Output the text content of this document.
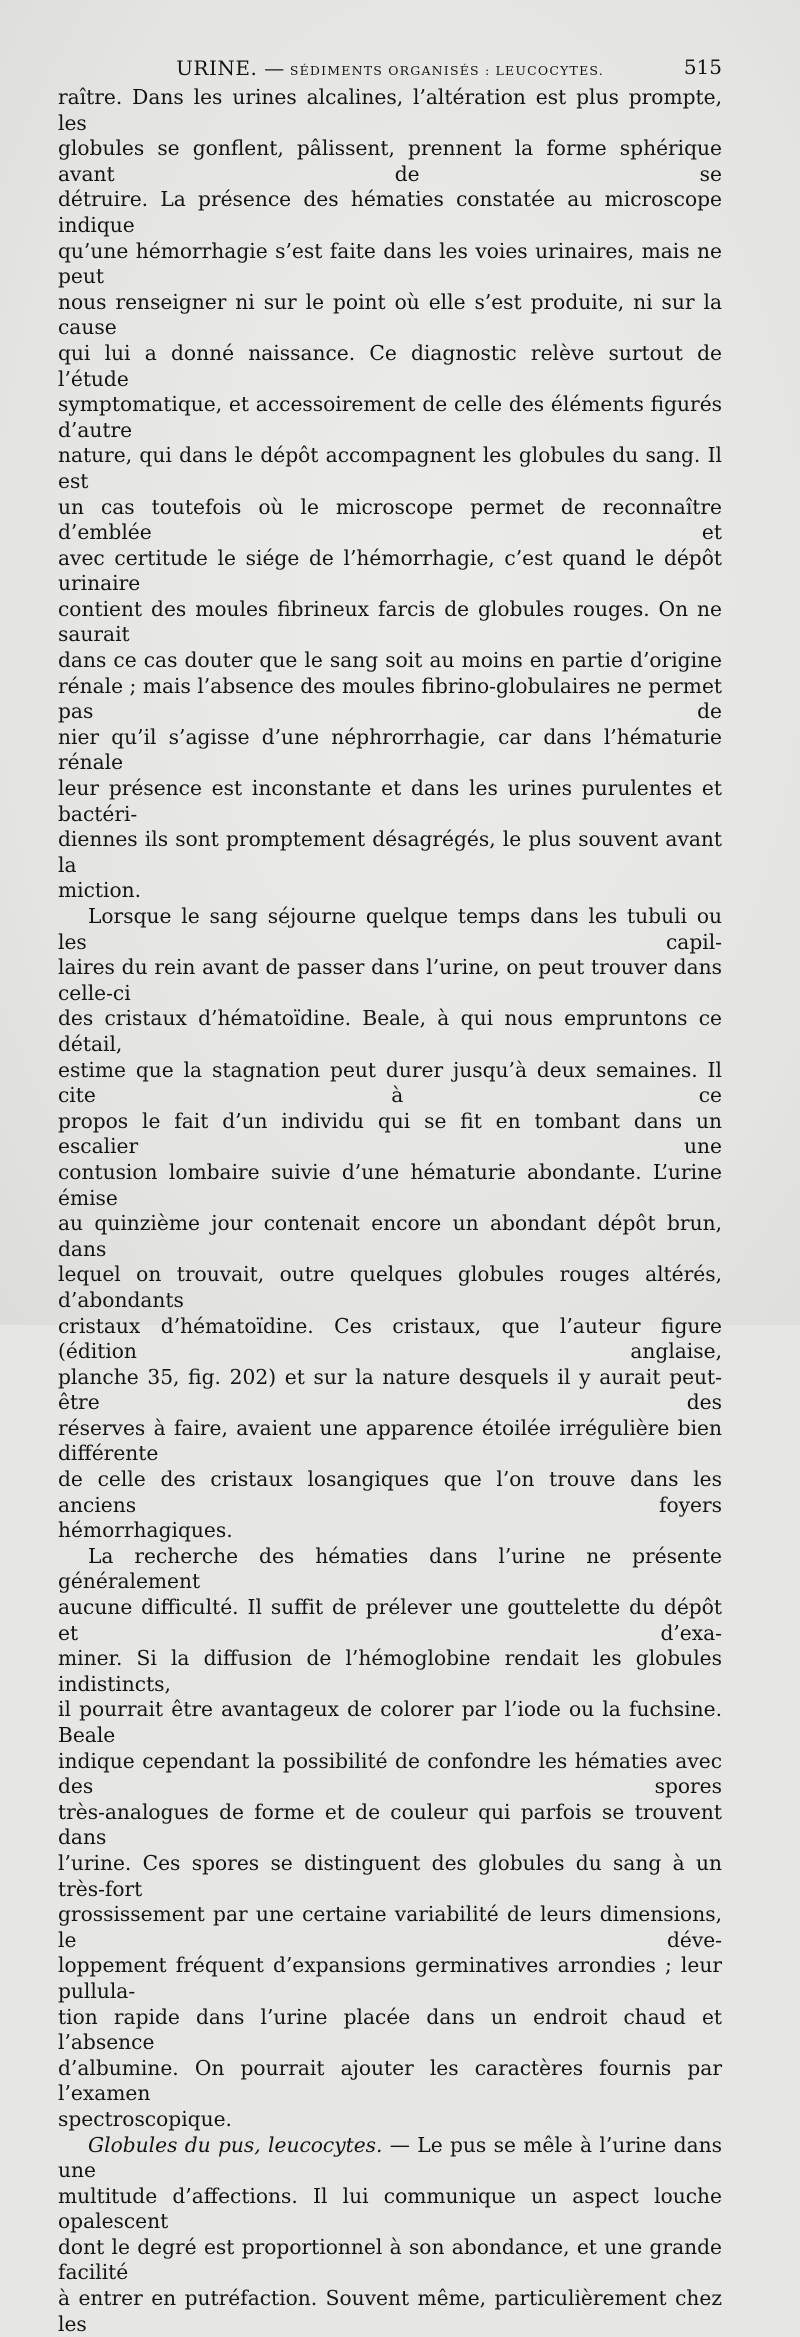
URINE. — SÉDIMENTS ORGANISÉS : LEUCOCYTES.	515
raître. Dans les urines alcalines, l’altération est plus prompte, les
globules se gonflent, pâlissent, prennent la forme sphérique avant de se
détruire. La présence des hématies constatée au microscope indique
qu’une hémorrhagie s’est faite dans les voies urinaires, mais ne peut
nous renseigner ni sur le point où elle s’est produite, ni sur la cause
qui lui a donné naissance. Ce diagnostic relève surtout de l’étude
symptomatique, et accessoirement de celle des éléments figurés d’autre
nature, qui dans le dépôt accompagnent les globules du sang. Il est
un cas toutefois où le microscope permet de reconnaître d’emblée et
avec certitude le siége de l’hémorrhagie, c’est quand le dépôt urinaire
contient des moules fibrineux farcis de globules rouges. On ne saurait
dans ce cas douter que le sang soit au moins en partie d’origine
rénale ; mais l’absence des moules fibrino-globulaires ne permet pas de
nier qu’il s’agisse d’une néphrorrhagie, car dans l’hématurie rénale
leur présence est inconstante et dans les urines purulentes et bactéri-
diennes ils sont promptement désagrégés, le plus souvent avant la
miction.
Lorsque le sang séjourne quelque temps dans les tubuli ou les capil-
laires du rein avant de passer dans l’urine, on peut trouver dans celle-ci
des cristaux d’hématoïdine. Beale, à qui nous empruntons ce détail,
estime que la stagnation peut durer jusqu’à deux semaines. Il cite à ce
propos le fait d’un individu qui se fit en tombant dans un escalier une
contusion lombaire suivie d’une hématurie abondante. L’urine émise
au quinzième jour contenait encore un abondant dépôt brun, dans
lequel on trouvait, outre quelques globules rouges altérés, d’abondants
cristaux d’hématoïdine. Ces cristaux, que l’auteur figure (édition anglaise,
planche 35, fig. 202) et sur la nature desquels il y aurait peut-être des
réserves à faire, avaient une apparence étoilée irrégulière bien différente
de celle des cristaux losangiques que l’on trouve dans les anciens foyers
hémorrhagiques.
La recherche des hématies dans l’urine ne présente généralement
aucune difficulté. Il suffit de prélever une gouttelette du dépôt et d’exa-
miner. Si la diffusion de l’hémoglobine rendait les globules indistincts,
il pourrait être avantageux de colorer par l’iode ou la fuchsine. Beale
indique cependant la possibilité de confondre les hématies avec des spores
très-analogues de forme et de couleur qui parfois se trouvent dans
l’urine. Ces spores se distinguent des globules du sang à un très-fort
grossissement par une certaine variabilité de leurs dimensions, le déve-
loppement fréquent d’expansions germinatives arrondies ; leur pullula-
tion rapide dans l’urine placée dans un endroit chaud et l’absence
d’albumine. On pourrait ajouter les caractères fournis par l’examen
spectroscopique.
Globules du pus, leucocytes. — Le pus se mêle à l’urine dans une
multitude d’affections. Il lui communique un aspect louche opalescent
dont le degré est proportionnel à son abondance, et une grande facilité
à entrer en putréfaction. Souvent même, particulièrement chez les
